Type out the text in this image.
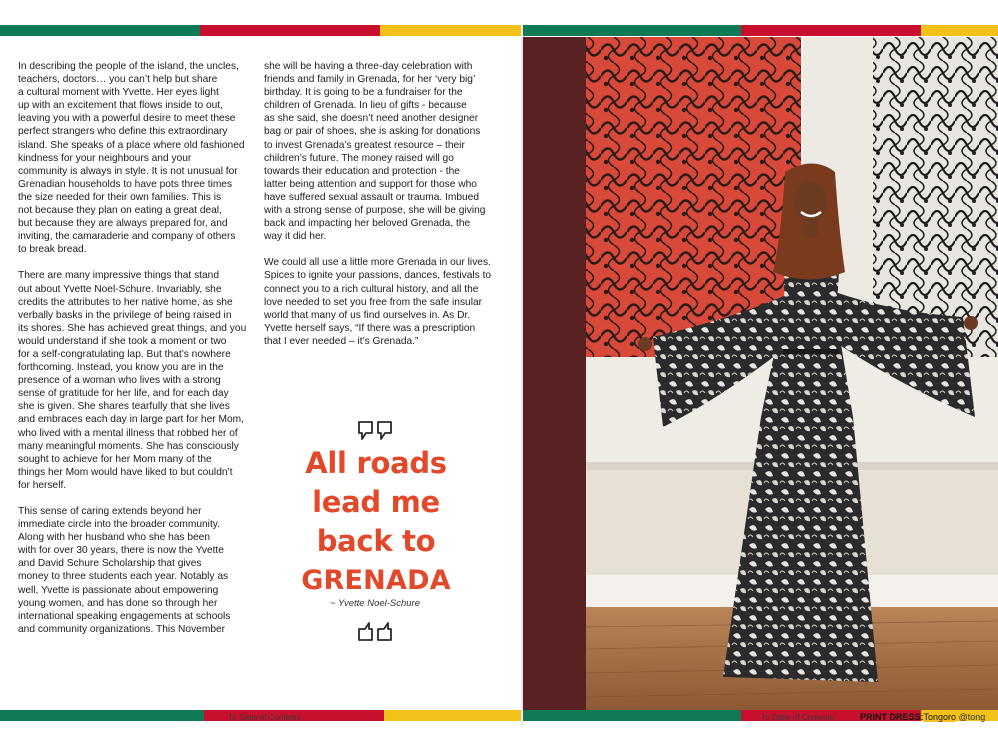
In describing the people of the island, the uncles,
teachers, doctors… you can’t help but share
a cultural moment with Yvette. Her eyes light
up with an excitement that flows inside to out,
leaving you with a powerful desire to meet these
perfect strangers who define this extraordinary
island. She speaks of a place where old fashioned
kindness for your neighbours and your
community is always in style. It is not unusual for
Grenadian households to have pots three times
the size needed for their own families. This is
not because they plan on eating a great deal,
but because they are always prepared for, and
inviting, the camaraderie and company of others
to break bread.

There are many impressive things that stand
out about Yvette Noel-Schure. Invariably, she
credits the attributes to her native home, as she
verbally basks in the privilege of being raised in
its shores. She has achieved great things, and you
would understand if she took a moment or two
for a self-congratulating lap. But that’s nowhere
forthcoming. Instead, you know you are in the
presence of a woman who lives with a strong
sense of gratitude for her life, and for each day
she is given. She shares tearfully that she lives
and embraces each day in large part for her Mom,
who lived with a mental illness that robbed her of
many meaningful moments. She has consciously
sought to achieve for her Mom many of the
things her Mom would have liked to but couldn’t
for herself.

This sense of caring extends beyond her
immediate circle into the broader community.
Along with her husband who she has been
with for over 30 years, there is now the Yvette
and David Schure Scholarship that gives
money to three students each year. Notably as
well, Yvette is passionate about empowering
young women, and has done so through her
international speaking engagements at schools
and community organizations. This November

she will be having a three-day celebration with
friends and family in Grenada, for her ‘very big’
birthday. It is going to be a fundraiser for the
children of Grenada. In lieu of gifts - because
as she said, she doesn’t need another designer
bag or pair of shoes, she is asking for donations
to invest Grenada’s greatest resource – their
children’s future. The money raised will go
towards their education and protection - the
latter being attention and support for those who
have suffered sexual assault or trauma. Imbued
with a strong sense of purpose, she will be giving
back and impacting her beloved Grenada, the
way it did her.

We could all use a little more Grenada in our lives.
Spices to ignite your passions, dances, festivals to
connect you to a rich cultural history, and all the
love needed to set you free from the safe insular
world that many of us find ourselves in. As Dr.
Yvette herself says, “If there was a prescription
that I ever needed – it’s Grenada.”

All roads
lead me
back to
GRENADA
~ Yvette Noel-Schure
To Table of Contents	To Table of Contents	PRINT DRESS:Tongoro @tong
